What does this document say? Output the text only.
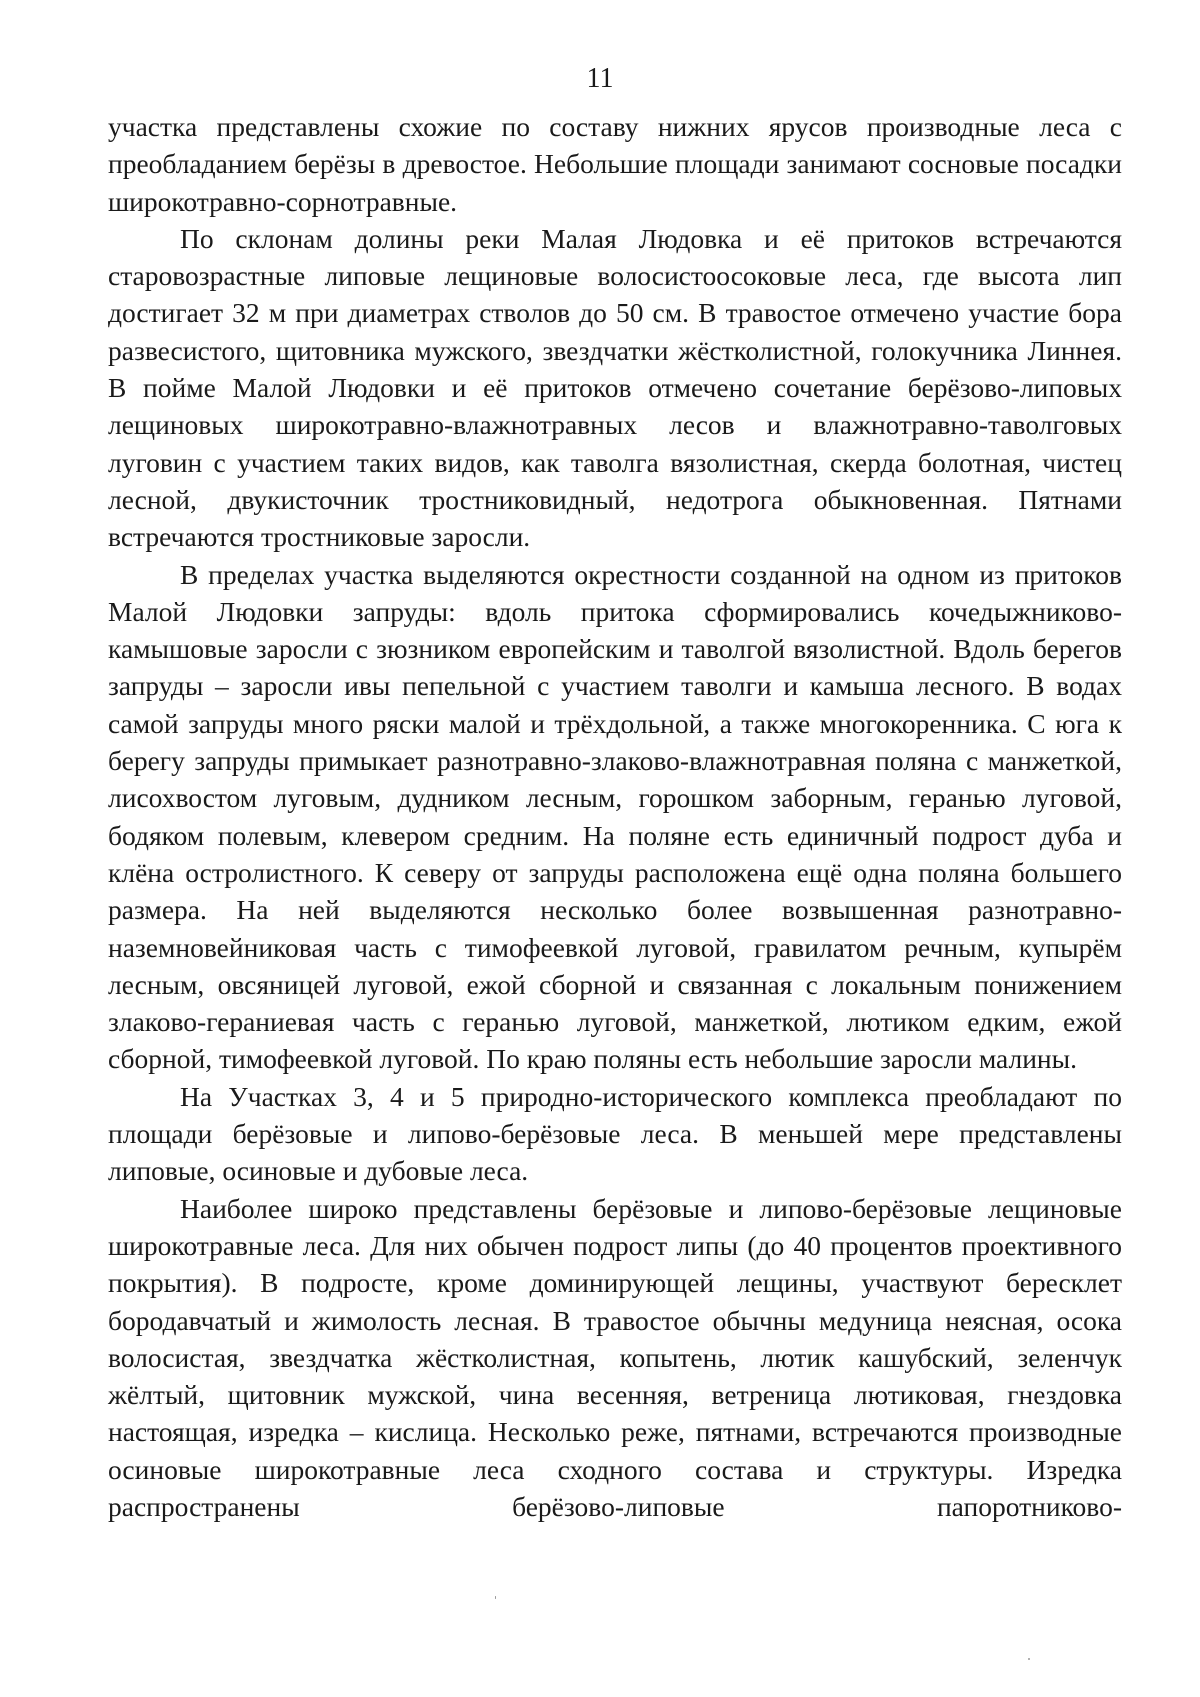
11

участка представлены схожие по составу нижних ярусов производные леса с преобладанием берёзы в древостое. Небольшие площади занимают сосновые посадки широкотравно-сорнотравные.

По склонам долины реки Малая Людовка и её притоков встречаются старовозрастные липовые лещиновые волосистоосоковые леса, где высота лип достигает 32 м при диаметрах стволов до 50 см. В травостое отмечено участие бора развесистого, щитовника мужского, звездчатки жёстколистной, голокучника Линнея. В пойме Малой Людовки и её притоков отмечено сочетание берёзово-липовых лещиновых широкотравно-влажнотравных лесов и влажнотравно-таволговых луговин с участием таких видов, как таволга вязолистная, скерда болотная, чистец лесной, двукисточник тростниковидный, недотрога обыкновенная. Пятнами встречаются тростниковые заросли.

В пределах участка выделяются окрестности созданной на одном из притоков Малой Людовки запруды: вдоль притока сформировались кочедыжниково-камышовые заросли с зюзником европейским и таволгой вязолистной. Вдоль берегов запруды – заросли ивы пепельной с участием таволги и камыша лесного. В водах самой запруды много ряски малой и трёхдольной, а также многокоренника. С юга к берегу запруды примыкает разнотравно-злаково-влажнотравная поляна с манжеткой, лисохвостом луговым, дудником лесным, горошком заборным, геранью луговой, бодяком полевым, клевером средним. На поляне есть единичный подрост дуба и клёна остролистного. К северу от запруды расположена ещё одна поляна большего размера. На ней выделяются несколько более возвышенная разнотравно-наземновейниковая часть с тимофеевкой луговой, гравилатом речным, купырём лесным, овсяницей луговой, ежой сборной и связанная с локальным понижением злаково-гераниевая часть с геранью луговой, манжеткой, лютиком едким, ежой сборной, тимофеевкой луговой. По краю поляны есть небольшие заросли малины.

На Участках 3, 4 и 5 природно-исторического комплекса преобладают по площади берёзовые и липово-берёзовые леса. В меньшей мере представлены липовые, осиновые и дубовые леса.

Наиболее широко представлены берёзовые и липово-берёзовые лещиновые широкотравные леса. Для них обычен подрост липы (до 40 процентов проективного покрытия). В подросте, кроме доминирующей лещины, участвуют бересклет бородавчатый и жимолость лесная. В травостое обычны медуница неясная, осока волосистая, звездчатка жёстколистная, копытень, лютик кашубский, зеленчук жёлтый, щитовник мужской, чина весенняя, ветреница лютиковая, гнездовка настоящая, изредка – кислица. Несколько реже, пятнами, встречаются производные осиновые широкотравные леса сходного состава и структуры. Изредка распространены берёзово-липовые папоротниково-
